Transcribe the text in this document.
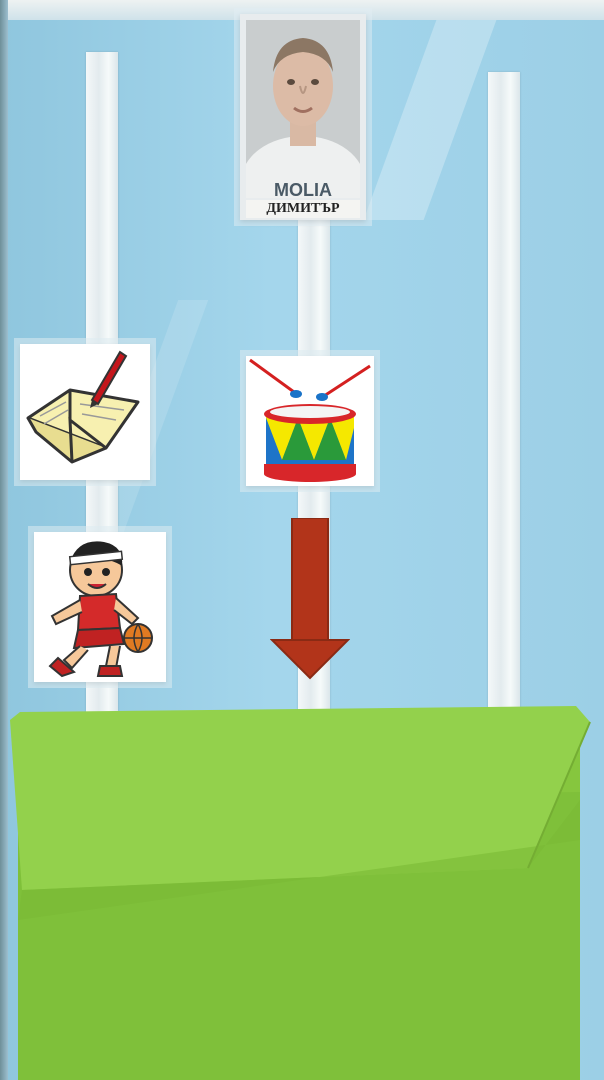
MOLIA
ДИМИТЪР
